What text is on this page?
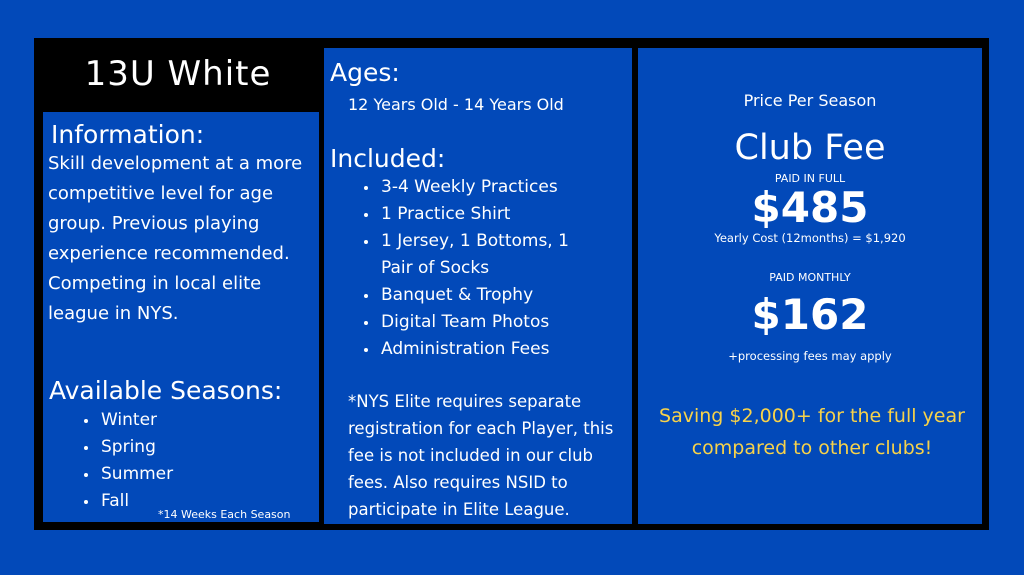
13U White
Information:
Skill development at a more competitive level for age group. Previous playing experience recommended. Competing in local elite league in NYS.
Available Seasons:
Winter
Spring
Summer
Fall
*14 Weeks Each Season
Ages:
12 Years Old - 14 Years Old
Included:
3-4 Weekly Practices
1 Practice Shirt
1 Jersey, 1 Bottoms, 1 Pair of Socks
Banquet & Trophy
Digital Team Photos
Administration Fees
*NYS Elite requires separate registration for each Player, this fee is not included in our club fees. Also requires NSID to participate in Elite League.
Price Per Season
Club Fee
PAID IN FULL
$485
Yearly Cost (12months) = $1,920
PAID MONTHLY
$162
+processing fees may apply
Saving $2,000+ for the full year compared to other clubs!
